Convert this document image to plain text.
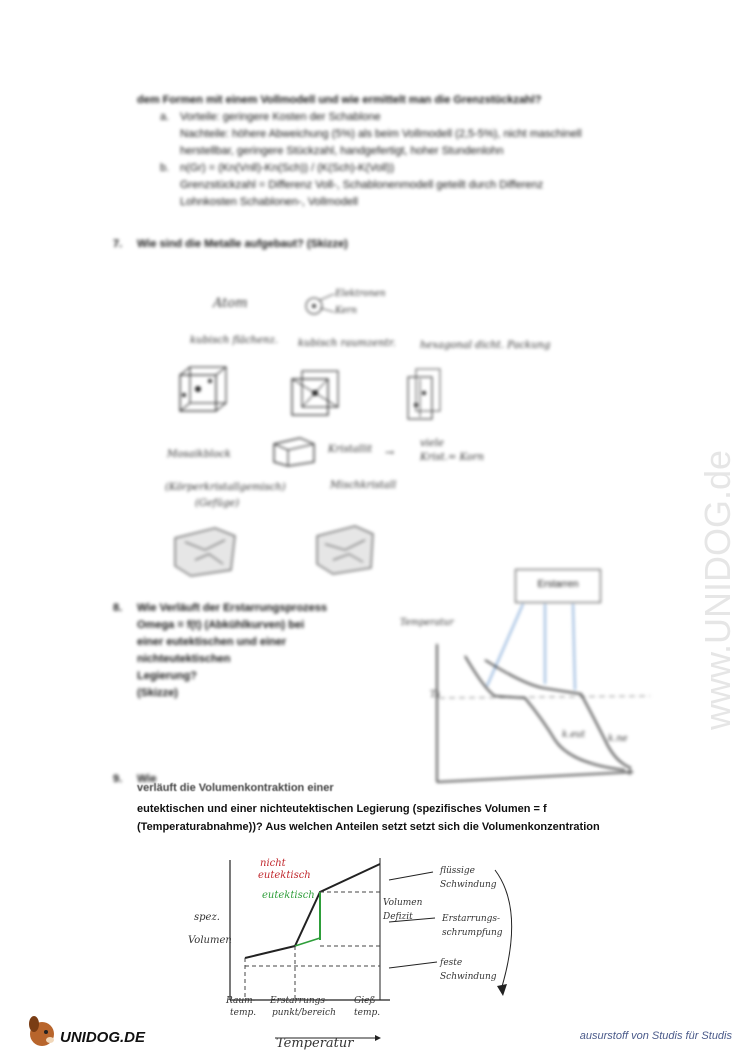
dem Formen mit einem Vollmodell und wie ermittelt man die Grenzstückzahl?
a. Vorteile: geringere Kosten der Schablone
Nachteile: höhere Abweichung (5%) als beim Vollmodell (2,5-5%), nicht maschinell
herstellbar, geringere Stückzahl, handgefertigt, hoher Stundenlohn
b. n(Gr) = (Kn(Vnll)-Kn(Sch)) / (K(Sch)-K(Voll))
Grenzstückzahl = Differenz Voll-, Schablonenmodell geteilt durch Differenz
Lohnkosten Schablonen-, Vollmodell
7. Wie sind die Metalle aufgebaut? (Skizze)
Atom
Elektronen
Kern
kubisch flächenz. kubisch raumzentr. hexagonal dicht. Packung
Mosaikblock	Kristallit →
viele
Krist. = Korn
(Körperkristallgemisch)
(Gefüge)
Mischkristall
8. Wie Verläuft der Erstarrungsprozess
Omega = f(t) (Abkühlkurven) bei
einer eutektischen und einer
nichteutektischen
Legierung?
(Skizze)
Erstarren
Temperatur
Ts
k.eut	k.ne
t
9. Wie
verläuft die Volumenkontraktion einer
eutektischen und einer nichteutektischen Legierung (spezifisches Volumen = f
(Temperaturabnahme))? Aus welchen Anteilen setzt setzt sich die Volumenkonzentration
nicht
eutektisch
eutektisch
spez.
Volumen
Volumen
Defizit
flüssige
Schwindung
Erstarrungs-
schrumpfung
feste
Schwindung
Raum-
temp.
Erstarrungs-
punkt/bereich
Gieß
temp.
Temperatur
www.UNIDOG.de
UNIDOG.DE	ausurstoff von Studis für Studis
